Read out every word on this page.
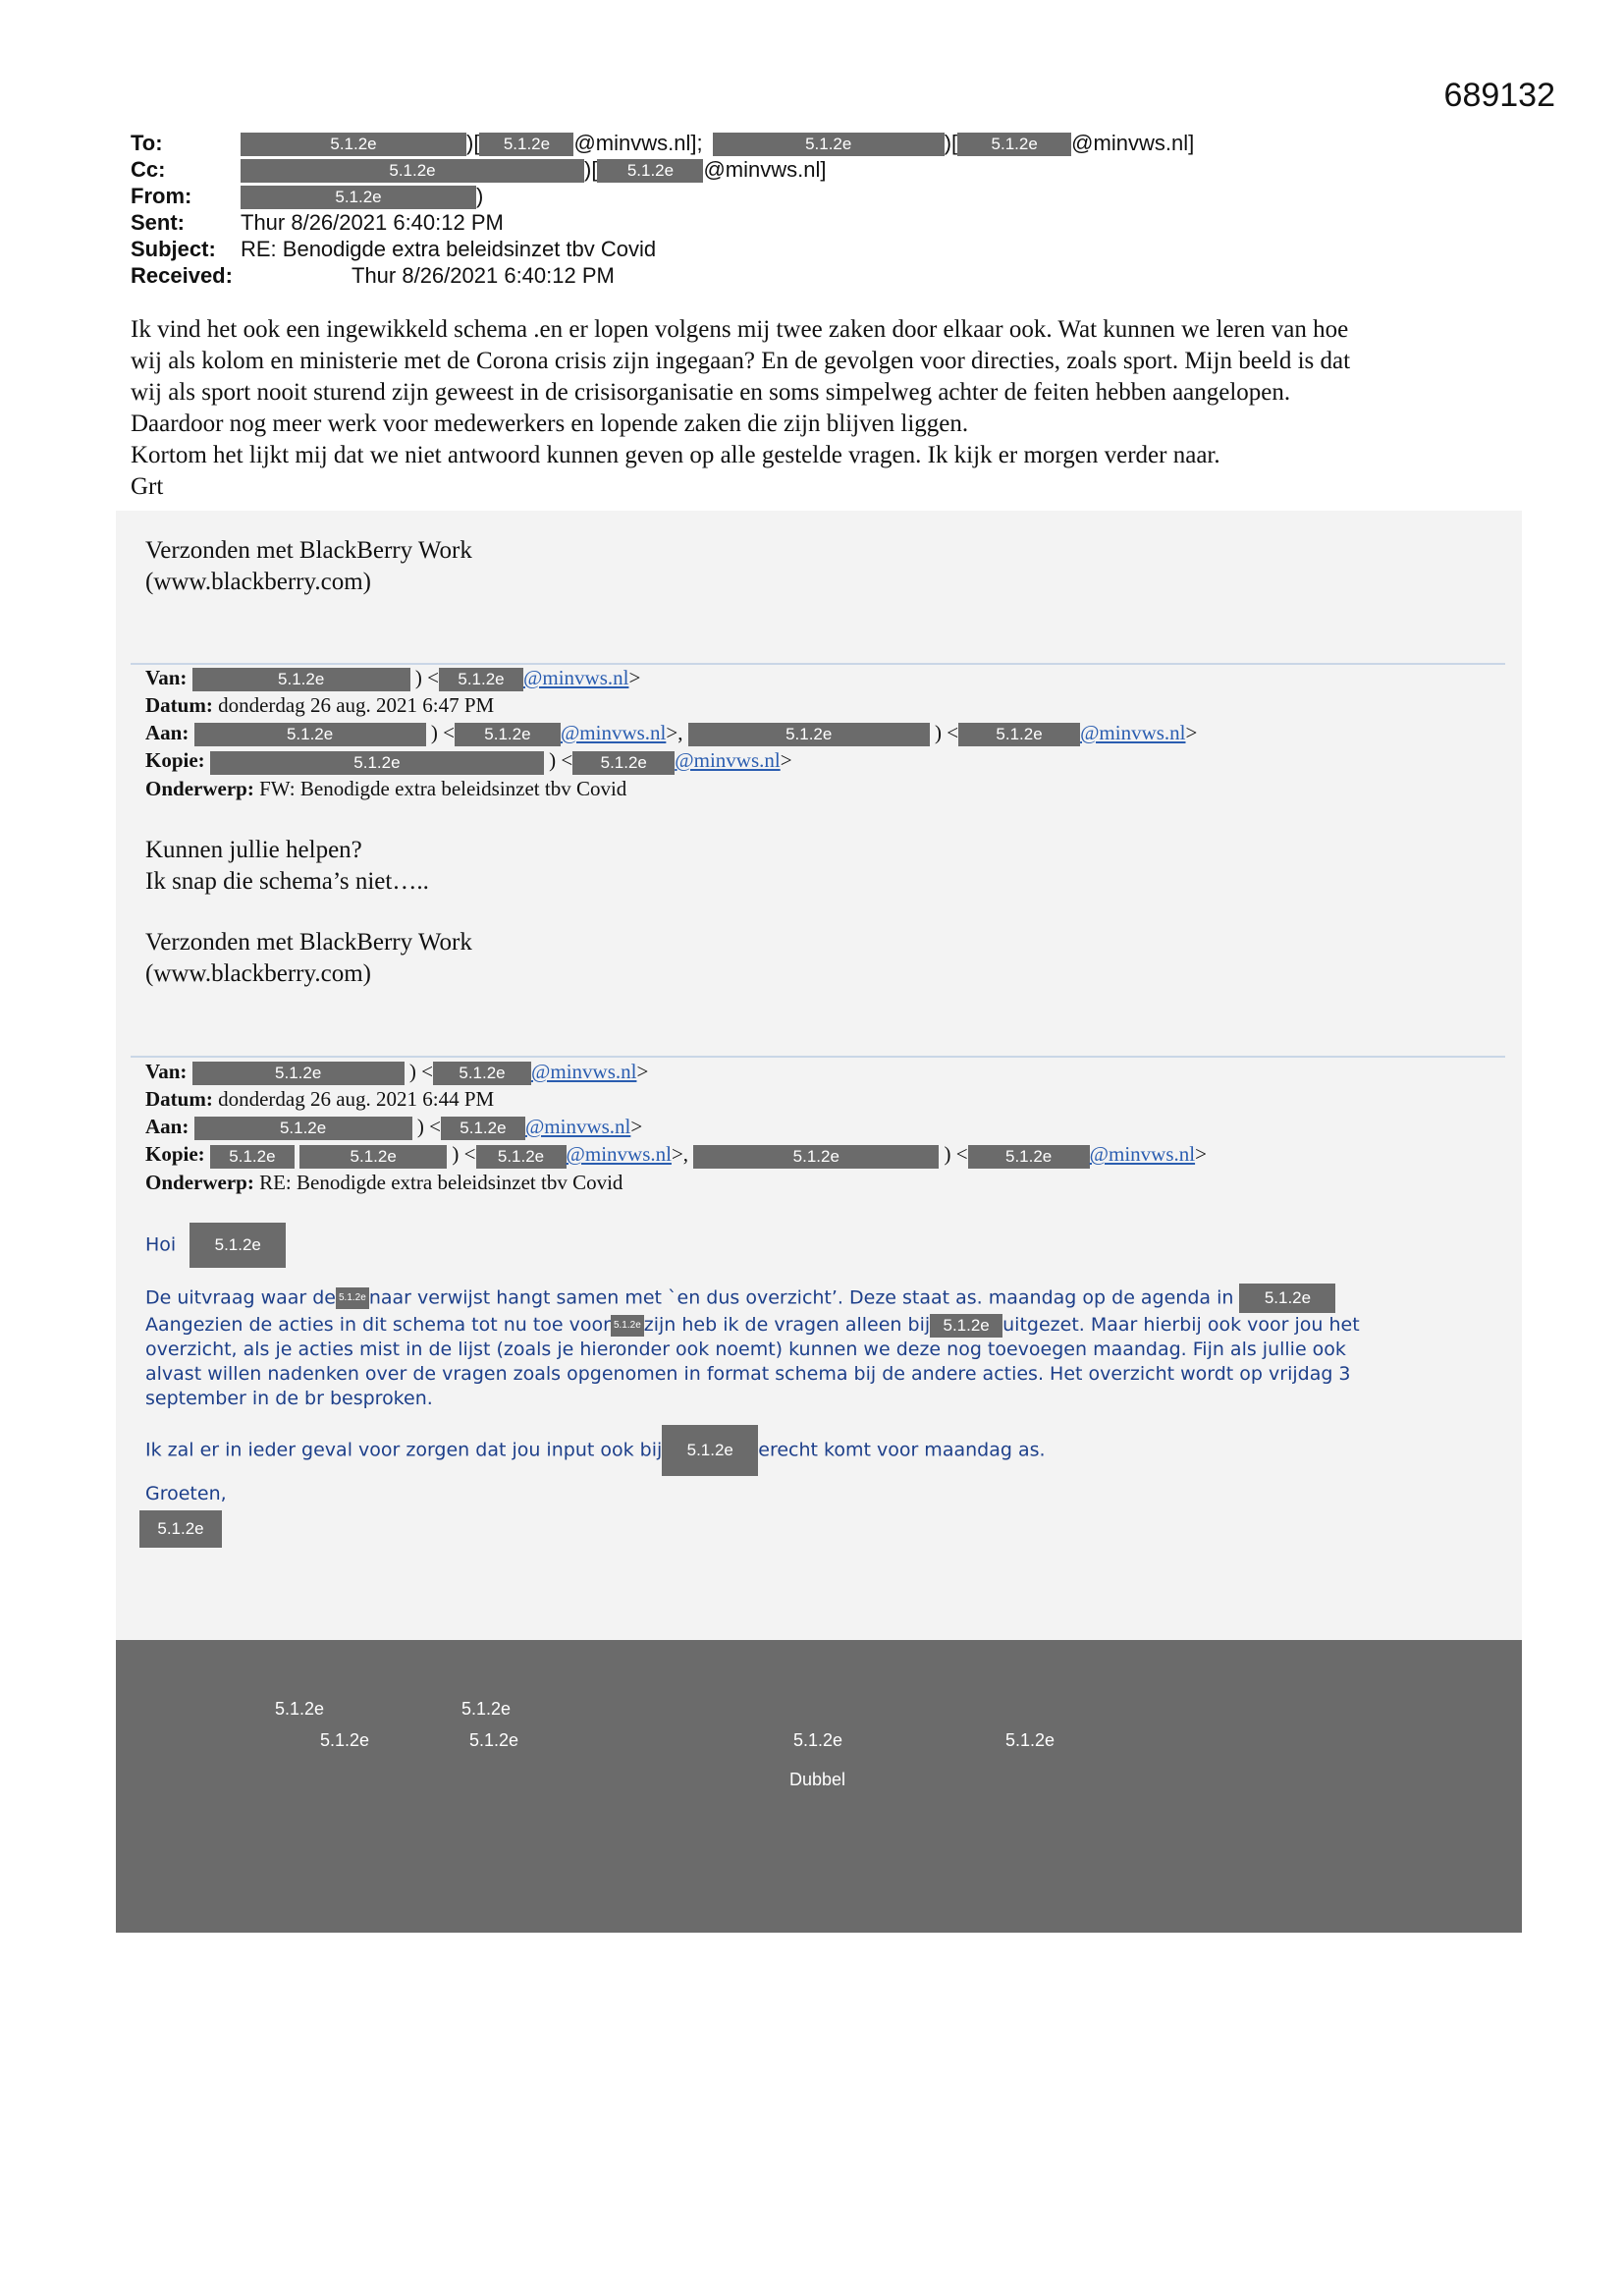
689132
To:	5.1.2e	)[ 5.1.2e @minvws.nl];	5.1.2e	)[ 5.1.2e @minvws.nl]
Cc:	5.1.2e	)[ 5.1.2e @minvws.nl]
From:	5.1.2e	)
Sent:	Thur 8/26/2021 6:40:12 PM
Subject: RE: Benodigde extra beleidsinzet tbv Covid
Received:	Thur 8/26/2021 6:40:12 PM
Ik vind het ook een ingewikkeld schema .en er lopen volgens mij twee zaken door elkaar ook. Wat kunnen we leren van hoe
wij als kolom en ministerie met de Corona crisis zijn ingegaan? En de gevolgen voor directies, zoals sport. Mijn beeld is dat
wij als sport nooit sturend zijn geweest in de crisisorganisatie en soms simpelweg achter de feiten hebben aangelopen.
Daardoor nog meer werk voor medewerkers en lopende zaken die zijn blijven liggen.
Kortom het lijkt mij dat we niet antwoord kunnen geven op alle gestelde vragen. Ik kijk er morgen verder naar.
Grt
Verzonden met BlackBerry Work
(www.blackberry.com)
Van:	5.1.2e	) < 5.1.2e @minvws.nl>
Datum: donderdag 26 aug. 2021 6:47 PM
Aan:	5.1.2e	) < 5.1.2e @minvws.nl>,	5.1.2e	) < 5.1.2e @minvws.nl>
Kopie:	5.1.2e	) < 5.1.2e @minvws.nl>
Onderwerp: FW: Benodigde extra beleidsinzet tbv Covid
Kunnen jullie helpen?
Ik snap die schema’s niet…..
Verzonden met BlackBerry Work
(www.blackberry.com)
Van:	5.1.2e	) < 5.1.2e @minvws.nl>
Datum: donderdag 26 aug. 2021 6:44 PM
Aan:	5.1.2e	) < 5.1.2e @minvws.nl>
Kopie: 5.1.2e	5.1.2e ) < 5.1.2e @minvws.nl>,	5.1.2e	) < 5.1.2e @minvws.nl>
Onderwerp: RE: Benodigde extra beleidsinzet tbv Covid
Hoi 5.1.2e
De uitvraag waar de 5.1.2e naar verwijst hangt samen met `en dus overzicht’. Deze staat as. maandag op de agenda in 5.1.2e
Aangezien de acties in dit schema tot nu toe voor 5.1.2e zijn heb ik de vragen alleen bij 5.1.2e uitgezet. Maar hierbij ook voor jou het
overzicht, als je acties mist in de lijst (zoals je hieronder ook noemt) kunnen we deze nog toevoegen maandag. Fijn als jullie ook
alvast willen nadenken over de vragen zoals opgenomen in format schema bij de andere acties. Het overzicht wordt op vrijdag 3
september in de br besproken.
Ik zal er in ieder geval voor zorgen dat jou input ook bij 5.1.2e erecht komt voor maandag as.
Groeten,
5.1.2e
5.1.2e	5.1.2e
5.1.2e	5.1.2e	5.1.2e	5.1.2e
Dubbel
